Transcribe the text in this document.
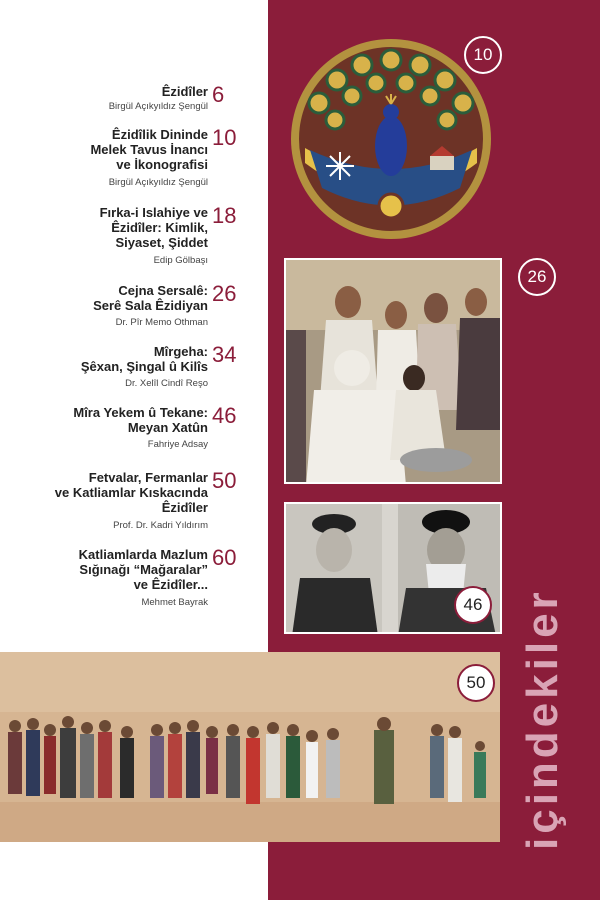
Êzidîler
Birgül Açıkyıldız Şengül 6
Êzidîlik Dininde
Melek Tavus İnancı
ve İkonografisi
Birgül Açıkyıldız Şengül
10
Fırka-i Islahiye ve
Êzidîler: Kimlik,
Siyaset, Şiddet
Edip Gölbaşı
18
Cejna Sersalê:
Serê Sala Êzidiyan
Dr. Pîr Memo Othman
26
Mîrgeha:
Şêxan, Şingal û Kilîs
Dr. Xelîl Cindî Reşo
34
Mîra Yekem û Tekane:
Meyan Xatûn
Fahriye Adsay
46
Fetvalar, Fermanlar
ve Katliamlar Kıskacında
Êzidîler
Prof. Dr. Kadri Yıldırım
50
Katliamlarda Mazlum
Sığınağı “Mağaralar”
ve Êzidîler...
Mehmet Bayrak
60
10
26
46
50 içindekiler
